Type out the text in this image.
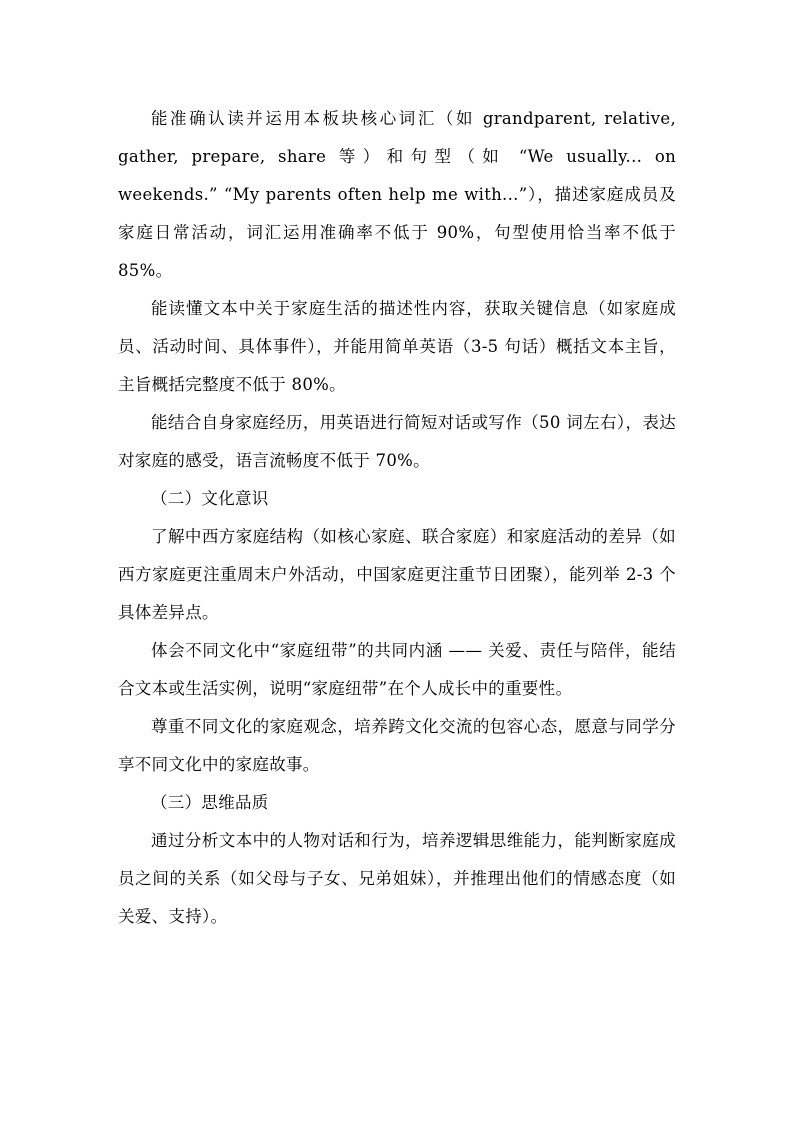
能准确认读并运用本板块核心词汇（如 grandparent, relative, gather, prepare, share 等）和句型（如 “We usually... on weekends.” “My parents often help me with...”），描述家庭成员及家庭日常活动，词汇运用准确率不低于 90%，句型使用恰当率不低于 85%。

能读懂文本中关于家庭生活的描述性内容，获取关键信息（如家庭成员、活动时间、具体事件），并能用简单英语（3-5 句话）概括文本主旨，主旨概括完整度不低于 80%。

能结合自身家庭经历，用英语进行简短对话或写作（50 词左右），表达对家庭的感受，语言流畅度不低于 70%。

（二）文化意识

了解中西方家庭结构（如核心家庭、联合家庭）和家庭活动的差异（如西方家庭更注重周末户外活动，中国家庭更注重节日团聚），能列举 2-3 个具体差异点。

体会不同文化中“家庭纽带”的共同内涵 —— 关爱、责任与陪伴，能结合文本或生活实例，说明“家庭纽带”在个人成长中的重要性。

尊重不同文化的家庭观念，培养跨文化交流的包容心态，愿意与同学分享不同文化中的家庭故事。

（三）思维品质

通过分析文本中的人物对话和行为，培养逻辑思维能力，能判断家庭成员之间的关系（如父母与子女、兄弟姐妹），并推理出他们的情感态度（如关爱、支持）。
